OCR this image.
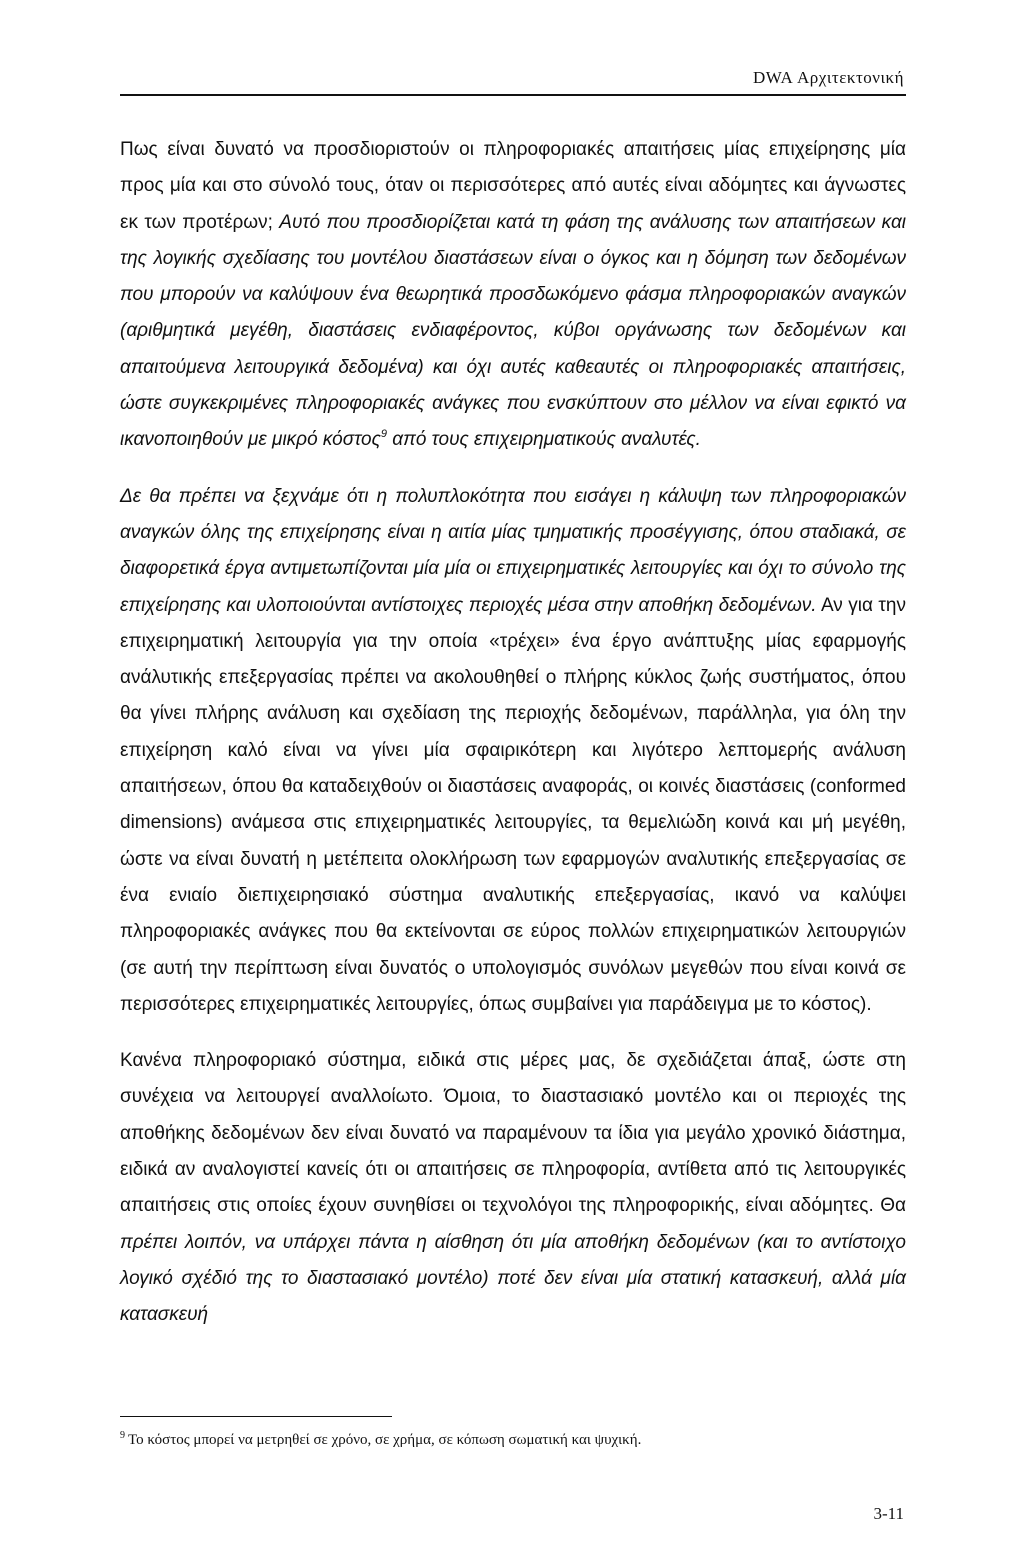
DWA Αρχιτεκτονική

Πως είναι δυνατό να προσδιοριστούν οι πληροφοριακές απαιτήσεις μίας επιχείρησης μία προς μία και στο σύνολό τους, όταν οι περισσότερες από αυτές είναι αδόμητες και άγνωστες εκ των προτέρων; Αυτό που προσδιορίζεται κατά τη φάση της ανάλυσης των απαιτήσεων και της λογικής σχεδίασης του μοντέλου διαστάσεων είναι ο όγκος και η δόμηση των δεδομένων που μπορούν να καλύψουν ένα θεωρητικά προσδωκόμενο φάσμα πληροφοριακών αναγκών (αριθμητικά μεγέθη, διαστάσεις ενδιαφέροντος, κύβοι οργάνωσης των δεδομένων και απαιτούμενα λειτουργικά δεδομένα) και όχι αυτές καθεαυτές οι πληροφοριακές απαιτήσεις, ώστε συγκεκριμένες πληροφοριακές ανάγκες που ενσκύπτουν στο μέλλον να είναι εφικτό να ικανοποιηθούν με μικρό κόστος$^9$ από τους επιχειρηματικούς αναλυτές.

Δε θα πρέπει να ξεχνάμε ότι η πολυπλοκότητα που εισάγει η κάλυψη των πληροφοριακών αναγκών όλης της επιχείρησης είναι η αιτία μίας τμηματικής προσέγγισης, όπου σταδιακά, σε διαφορετικά έργα αντιμετωπίζονται μία μία οι επιχειρηματικές λειτουργίες και όχι το σύνολο της επιχείρησης και υλοποιούνται αντίστοιχες περιοχές μέσα στην αποθήκη δεδομένων. Αν για την επιχειρηματική λειτουργία για την οποία «τρέχει» ένα έργο ανάπτυξης μίας εφαρμογής ανάλυτικής επεξεργασίας πρέπει να ακολουθηθεί ο πλήρης κύκλος ζωής συστήματος, όπου θα γίνει πλήρης ανάλυση και σχεδίαση της περιοχής δεδομένων, παράλληλα, για όλη την επιχείρηση καλό είναι να γίνει μία σφαιρικότερη και λιγότερο λεπτομερής ανάλυση απαιτήσεων, όπου θα καταδειχθούν οι διαστάσεις αναφοράς, οι κοινές διαστάσεις (conformed dimensions) ανάμεσα στις επιχειρηματικές λειτουργίες, τα θεμελιώδη κοινά και μή μεγέθη, ώστε να είναι δυνατή η μετέπειτα ολοκλήρωση των εφαρμογών αναλυτικής επεξεργασίας σε ένα ενιαίο διεπιχειρησιακό σύστημα αναλυτικής επεξεργασίας, ικανό να καλύψει πληροφοριακές ανάγκες που θα εκτείνονται σε εύρος πολλών επιχειρηματικών λειτουργιών (σε αυτή την περίπτωση είναι δυνατός ο υπολογισμός συνόλων μεγεθών που είναι κοινά σε περισσότερες επιχειρηματικές λειτουργίες, όπως συμβαίνει για παράδειγμα με το κόστος).

Κανένα πληροφοριακό σύστημα, ειδικά στις μέρες μας, δε σχεδιάζεται άπαξ, ώστε στη συνέχεια να λειτουργεί αναλλοίωτο. Όμοια, το διαστασιακό μοντέλο και οι περιοχές της αποθήκης δεδομένων δεν είναι δυνατό να παραμένουν τα ίδια για μεγάλο χρονικό διάστημα, ειδικά αν αναλογιστεί κανείς ότι οι απαιτήσεις σε πληροφορία, αντίθετα από τις λειτουργικές απαιτήσεις στις οποίες έχουν συνηθίσει οι τεχνολόγοι της πληροφορικής, είναι αδόμητες. Θα πρέπει λοιπόν, να υπάρχει πάντα η αίσθηση ότι μία αποθήκη δεδομένων (και το αντίστοιχο λογικό σχέδιό της το διαστασιακό μοντέλο) ποτέ δεν είναι μία στατική κατασκευή, αλλά μία κατασκευή

$^9$ Το κόστος μπορεί να μετρηθεί σε χρόνο, σε χρήμα, σε κόπωση σωματική και ψυχική.
3-11
